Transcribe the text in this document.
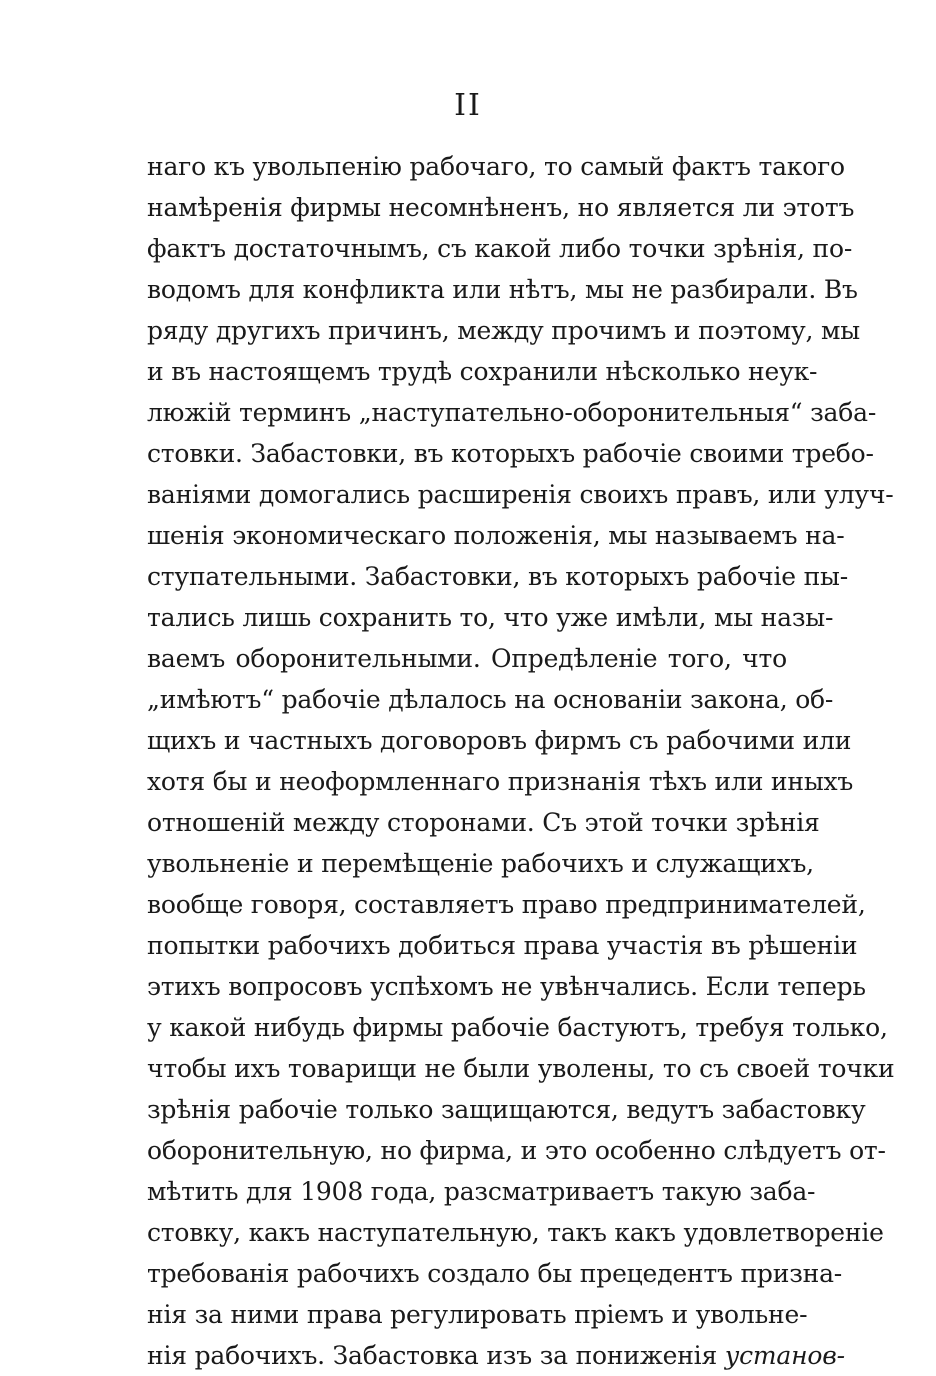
II
наго къ увольпенію рабочаго, то самый фактъ такого
намѣренія фирмы несомнѣненъ, но является ли этотъ
фактъ достаточнымъ, съ какой либо точки зрѣнія, по-
водомъ для конфликта или нѣтъ, мы не разбирали. Въ
ряду другихъ причинъ, между прочимъ и поэтому, мы
и въ настоящемъ трудѣ сохранили нѣсколько неук-
люжій терминъ „наступательно-оборонительныя“ заба-
стовки. Забастовки, въ которыхъ рабочіе своими требо-
ваніями домогались расширенія своихъ правъ, или улуч-
шенія экономическаго положенія, мы называемъ на-
ступательными. Забастовки, въ которыхъ рабочіе пы-
тались лишь сохранить то, что уже имѣли, мы назы-
ваемъ оборонительными. Опредѣленіе того, что
„имѣютъ“ рабочіе дѣлалось на основаніи закона, об-
щихъ и частныхъ договоровъ фирмъ съ рабочими или
хотя бы и неоформленнаго признанія тѣхъ или иныхъ
отношеній между сторонами. Съ этой точки зрѣнія
увольненіе и перемѣщеніе рабочихъ и служащихъ,
вообще говоря, составляетъ право предпринимателей,
попытки рабочихъ добиться права участія въ рѣшеніи
этихъ вопросовъ успѣхомъ не увѣнчались. Если теперь
у какой нибудь фирмы рабочіе бастуютъ, требуя только,
чтобы ихъ товарищи не были уволены, то съ своей точки
зрѣнія рабочіе только защищаются, ведутъ забастовку
оборонительную, но фирма, и это особенно слѣдуетъ от-
мѣтить для 1908 года, разсматриваетъ такую заба-
стовку, какъ наступательную, такъ какъ удовлетвореніе
требованія рабочихъ создало бы прецедентъ призна-
нія за ними права регулировать пріемъ и увольне-
нія рабочихъ. Забастовка изъ за пониженія установ-
